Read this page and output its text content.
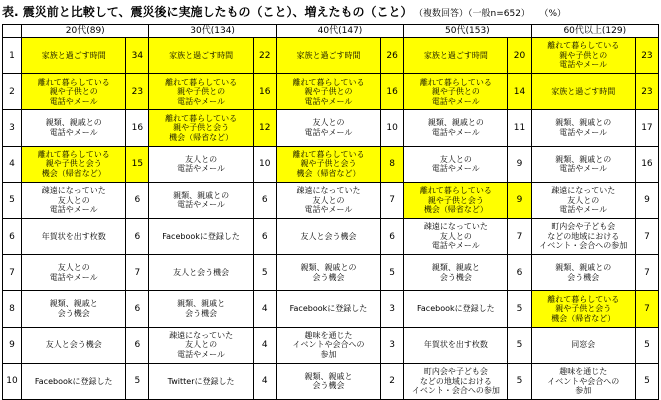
表. 震災前と比較して、震災後に実施したもの（こと）、増えたもの（こと） （複数回答）（一般n=652） （%）
	20代(89)		30代(134)		40代(147)		50代(153)		60代以上(129)	
1	家族と過ごす時間	34	家族と過ごす時間	22	家族と過ごす時間	26	家族と過ごす時間	20	離れて暮らしている
親や子供との
電話やメール	23
2	離れて暮らしている
親や子供との
電話やメール	23	離れて暮らしている
親や子供との
電話やメール	16	離れて暮らしている
親や子供との
電話やメール	16	離れて暮らしている
親や子供との
電話やメール	14	家族と過ごす時間	23
3	親類、親戚との
電話やメール	16	離れて暮らしている
親や子供と会う
機会（帰省など）	12	友人との
電話やメール	10	親類、親戚との
電話やメール	11	親類、親戚との
電話やメール	17
4	離れて暮らしている
親や子供と会う
機会（帰省など）	15	友人との
電話やメール	10	離れて暮らしている
親や子供と会う
機会（帰省など）	8	友人との
電話やメール	9	親類、親戚との
電話やメール	16
5	疎遠になっていた
友人との
電話やメール	6	親類、親戚との
電話やメール	6	疎遠になっていた
友人との
電話やメール	7	離れて暮らしている
親や子供と会う
機会（帰省など）	9	疎遠になっていた
友人との
電話やメール	9
6	年賀状を出す枚数	6	Facebookに登録した	6	友人と会う機会	6	疎遠になっていた
友人との
電話やメール	7	町内会や子ども会
などの地域における
イベント・会合への参加	7
7	友人との
電話やメール	7	友人と会う機会	5	親類、親戚との
会う機会	5	親類、親戚と
会う機会	6	親類、親戚との
会う機会	7
8	親類、親戚と
会う機会	6	親類、親戚と
会う機会	4	Facebookに登録した	3	Facebookに登録した	5	離れて暮らしている
親や子供と会う
機会（帰省など）	7
9	友人と会う機会	6	疎遠になっていた
友人との
電話やメール	4	趣味を通じた
イベントや会合への
参加	3	年賀状を出す枚数	5	同窓会	5
10	Facebookに登録した	5	Twitterに登録した	4	親類、親戚と
会う機会	2	町内会や子ども会
などの地域における
イベント・会合への参加	5	趣味を通じた
イベントや会合への
参加	5
